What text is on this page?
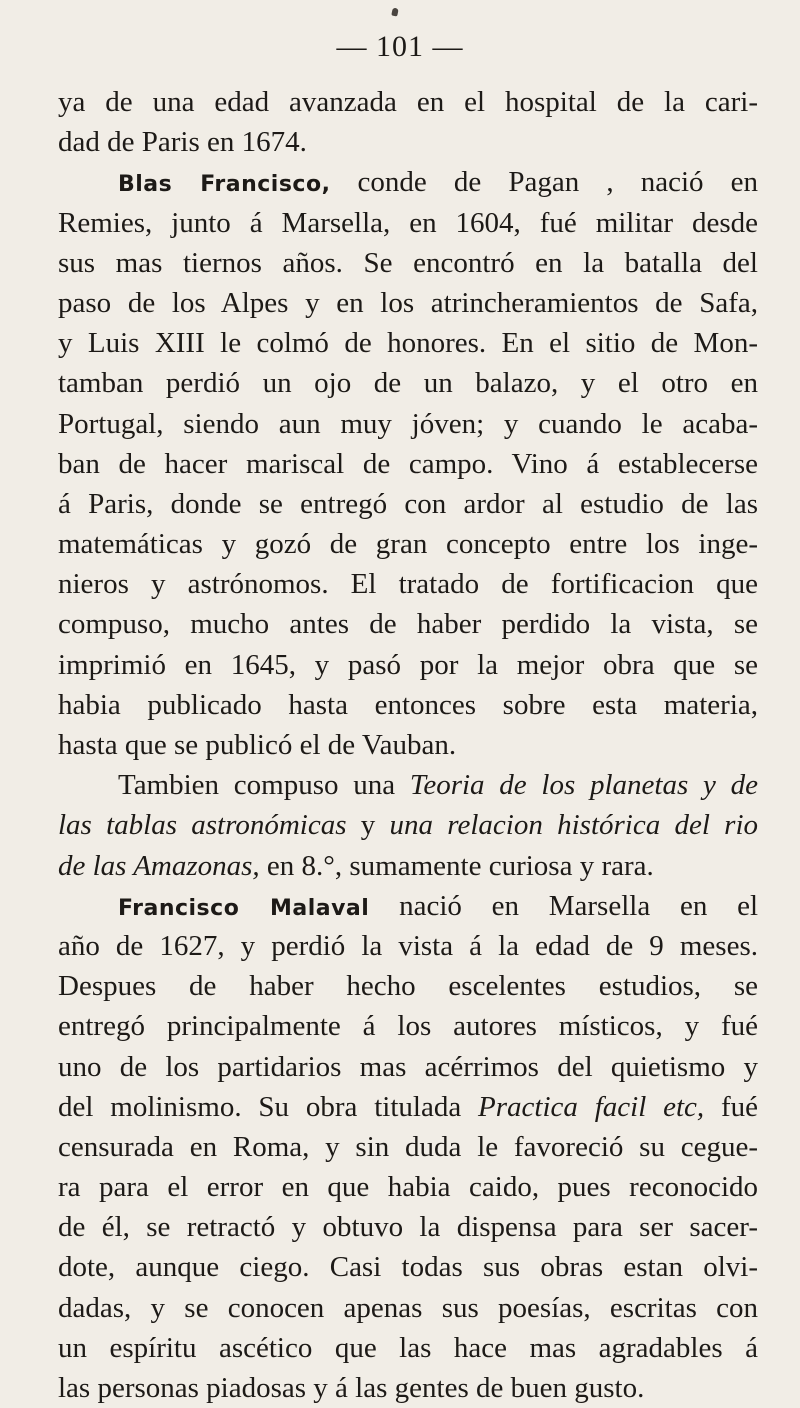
— 101 —
ya de una edad avanzada en el hospital de la cari-
dad de Paris en 1674.
Blas Francisco, conde de Pagan , nació en
Remies, junto á Marsella, en 1604, fué militar desde
sus mas tiernos años. Se encontró en la batalla del
paso de los Alpes y en los atrincheramientos de Safa,
y Luis XIII le colmó de honores. En el sitio de Mon-
tamban perdió un ojo de un balazo, y el otro en
Portugal, siendo aun muy jóven; y cuando le acaba-
ban de hacer mariscal de campo. Vino á establecerse
á Paris, donde se entregó con ardor al estudio de las
matemáticas y gozó de gran concepto entre los inge-
nieros y astrónomos. El tratado de fortificacion que
compuso, mucho antes de haber perdido la vista, se
imprimió en 1645, y pasó por la mejor obra que se
habia publicado hasta entonces sobre esta materia,
hasta que se publicó el de Vauban.
Tambien compuso una Teoria de los planetas y de
las tablas astronómicas y una relacion histórica del rio
de las Amazonas, en 8.°, sumamente curiosa y rara.
Francisco Malaval nació en Marsella en el
año de 1627, y perdió la vista á la edad de 9 meses.
Despues de haber hecho escelentes estudios, se
entregó principalmente á los autores místicos, y fué
uno de los partidarios mas acérrimos del quietismo y
del molinismo. Su obra titulada Practica facil etc, fué
censurada en Roma, y sin duda le favoreció su cegue-
ra para el error en que habia caido, pues reconocido
de él, se retractó y obtuvo la dispensa para ser sacer-
dote, aunque ciego. Casi todas sus obras estan olvi-
dadas, y se conocen apenas sus poesías, escritas con
un espíritu ascético que las hace mas agradables á
las personas piadosas y á las gentes de buen gusto.
